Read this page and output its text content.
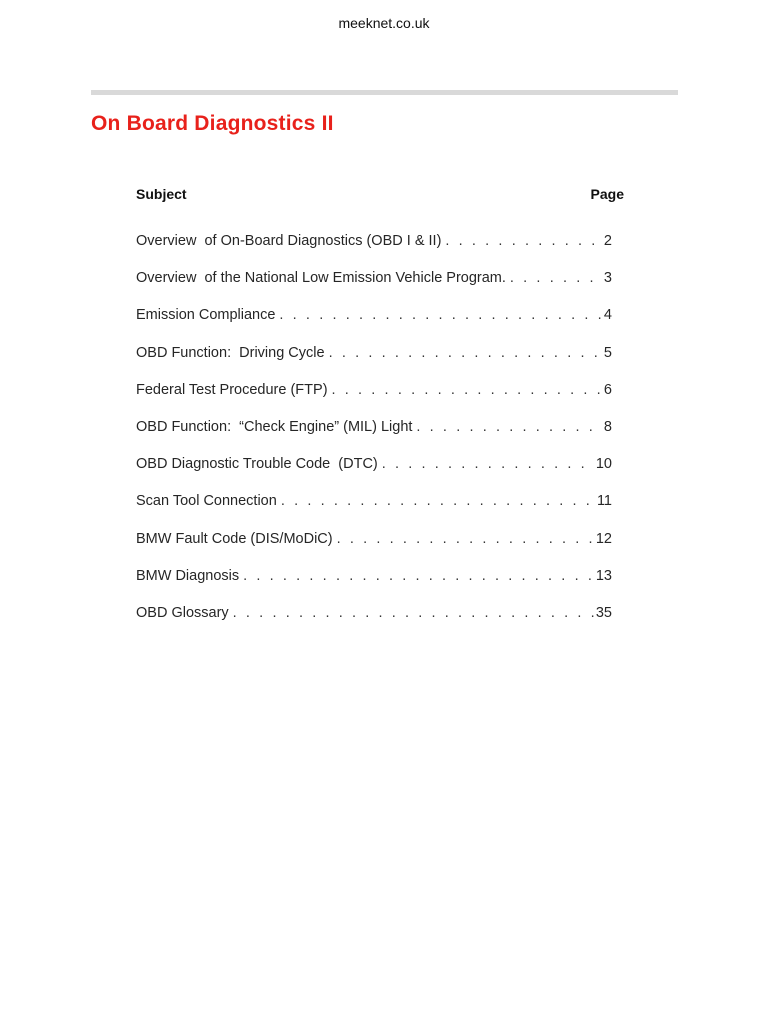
meeknet.co.uk
On Board Diagnostics II
Subject	Page
Overview  of On-Board Diagnostics (OBD I & II) . . .	2
Overview  of the National Low Emission Vehicle Program. . . .	3
Emission Compliance . . .	4
OBD Function:  Driving Cycle . . .	5
Federal Test Procedure (FTP) . . .	6
OBD Function:  “Check Engine” (MIL) Light . . .	8
OBD Diagnostic Trouble Code  (DTC) . . .	10
Scan Tool Connection . . .	11
BMW Fault Code (DIS/MoDiC) . . .	12
BMW Diagnosis . . .	13
OBD Glossary . . .	35
